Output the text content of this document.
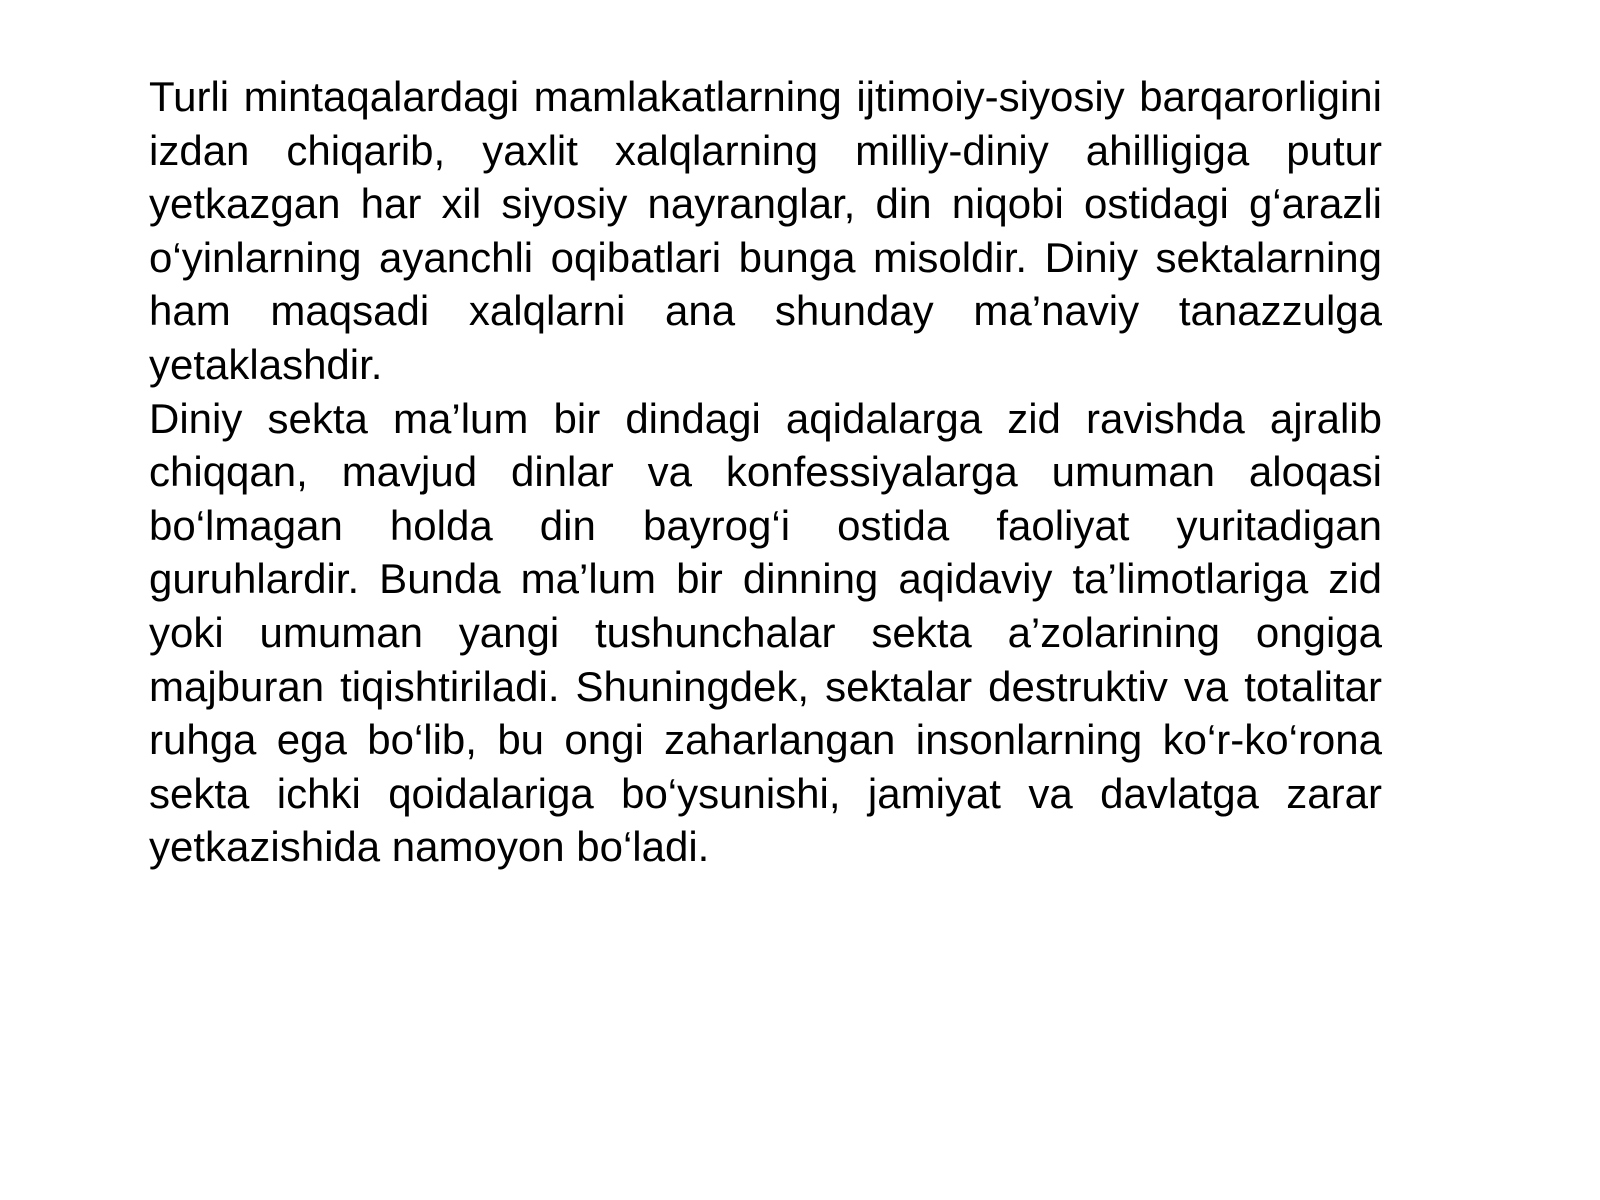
Turli mintaqalardagi mamlakatlarning ijtimoiy-siyosiy barqarorligini izdan chiqarib, yaxlit xalqlarning milliy-diniy ahilligiga putur yetkazgan har xil siyosiy nayranglar, din niqobi ostidagi g‘arazli o‘yinlarning ayanchli oqibatlari bunga misoldir. Diniy sektalarning ham maqsadi xalqlarni ana shunday ma’naviy tanazzulga yetaklashdir.

Diniy sekta ma’lum bir dindagi aqidalarga zid ravishda ajralib chiqqan, mavjud dinlar va konfessiyalarga umuman aloqasi bo‘lmagan holda din bayrog‘i ostida faoliyat yuritadigan guruhlardir. Bunda ma’lum bir dinning aqidaviy ta’limotlariga zid yoki umuman yangi tushunchalar sekta a’zolarining ongiga majburan tiqishtiriladi. Shuningdek, sektalar destruktiv va totalitar ruhga ega bo‘lib, bu ongi zaharlangan insonlarning ko‘r-ko‘rona sekta ichki qoidalariga bo‘ysunishi, jamiyat va davlatga zarar yetkazishida namoyon bo‘ladi.
